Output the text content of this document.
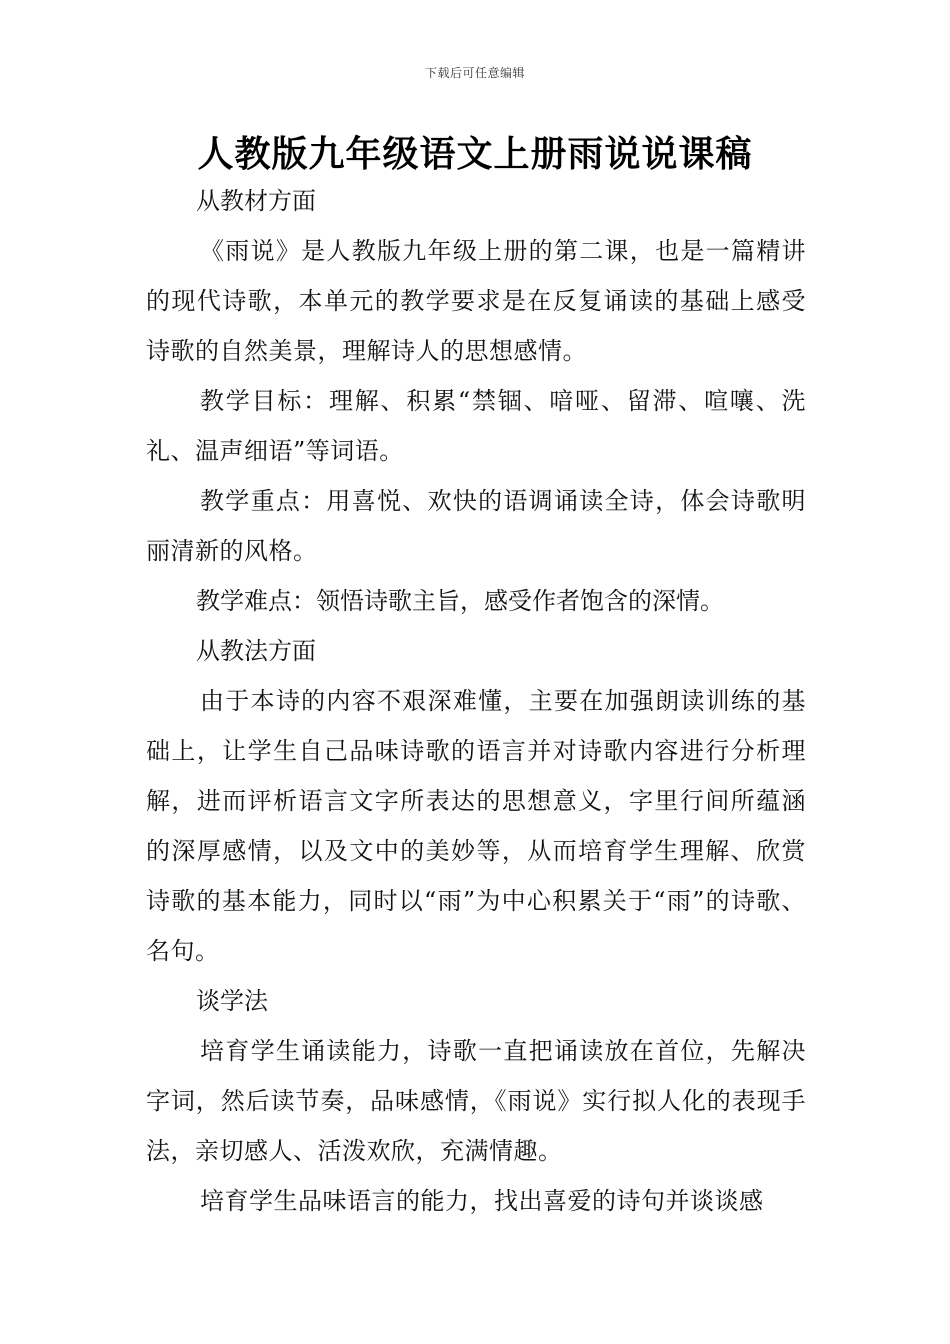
下载后可任意编辑
人教版九年级语文上册雨说说课稿

从教材方面

《雨说》是人教版九年级上册的第二课，也是一篇精讲的现代诗歌，本单元的教学要求是在反复诵读的基础上感受诗歌的自然美景，理解诗人的思想感情。

教学目标：理解、积累“禁锢、喑哑、留滞、喧嚷、洗礼、温声细语”等词语。

教学重点：用喜悦、欢快的语调诵读全诗，体会诗歌明丽清新的风格。

教学难点：领悟诗歌主旨，感受作者饱含的深情。

从教法方面

由于本诗的内容不艰深难懂，主要在加强朗读训练的基础上，让学生自己品味诗歌的语言并对诗歌内容进行分析理解，进而评析语言文字所表达的思想意义，字里行间所蕴涵的深厚感情，以及文中的美妙等，从而培育学生理解、欣赏诗歌的基本能力，同时以“雨”为中心积累关于“雨”的诗歌、名句。

谈学法

培育学生诵读能力，诗歌一直把诵读放在首位，先解决字词，然后读节奏，品味感情，《雨说》实行拟人化的表现手法，亲切感人、活泼欢欣，充满情趣。

培育学生品味语言的能力，找出喜爱的诗句并谈谈感
